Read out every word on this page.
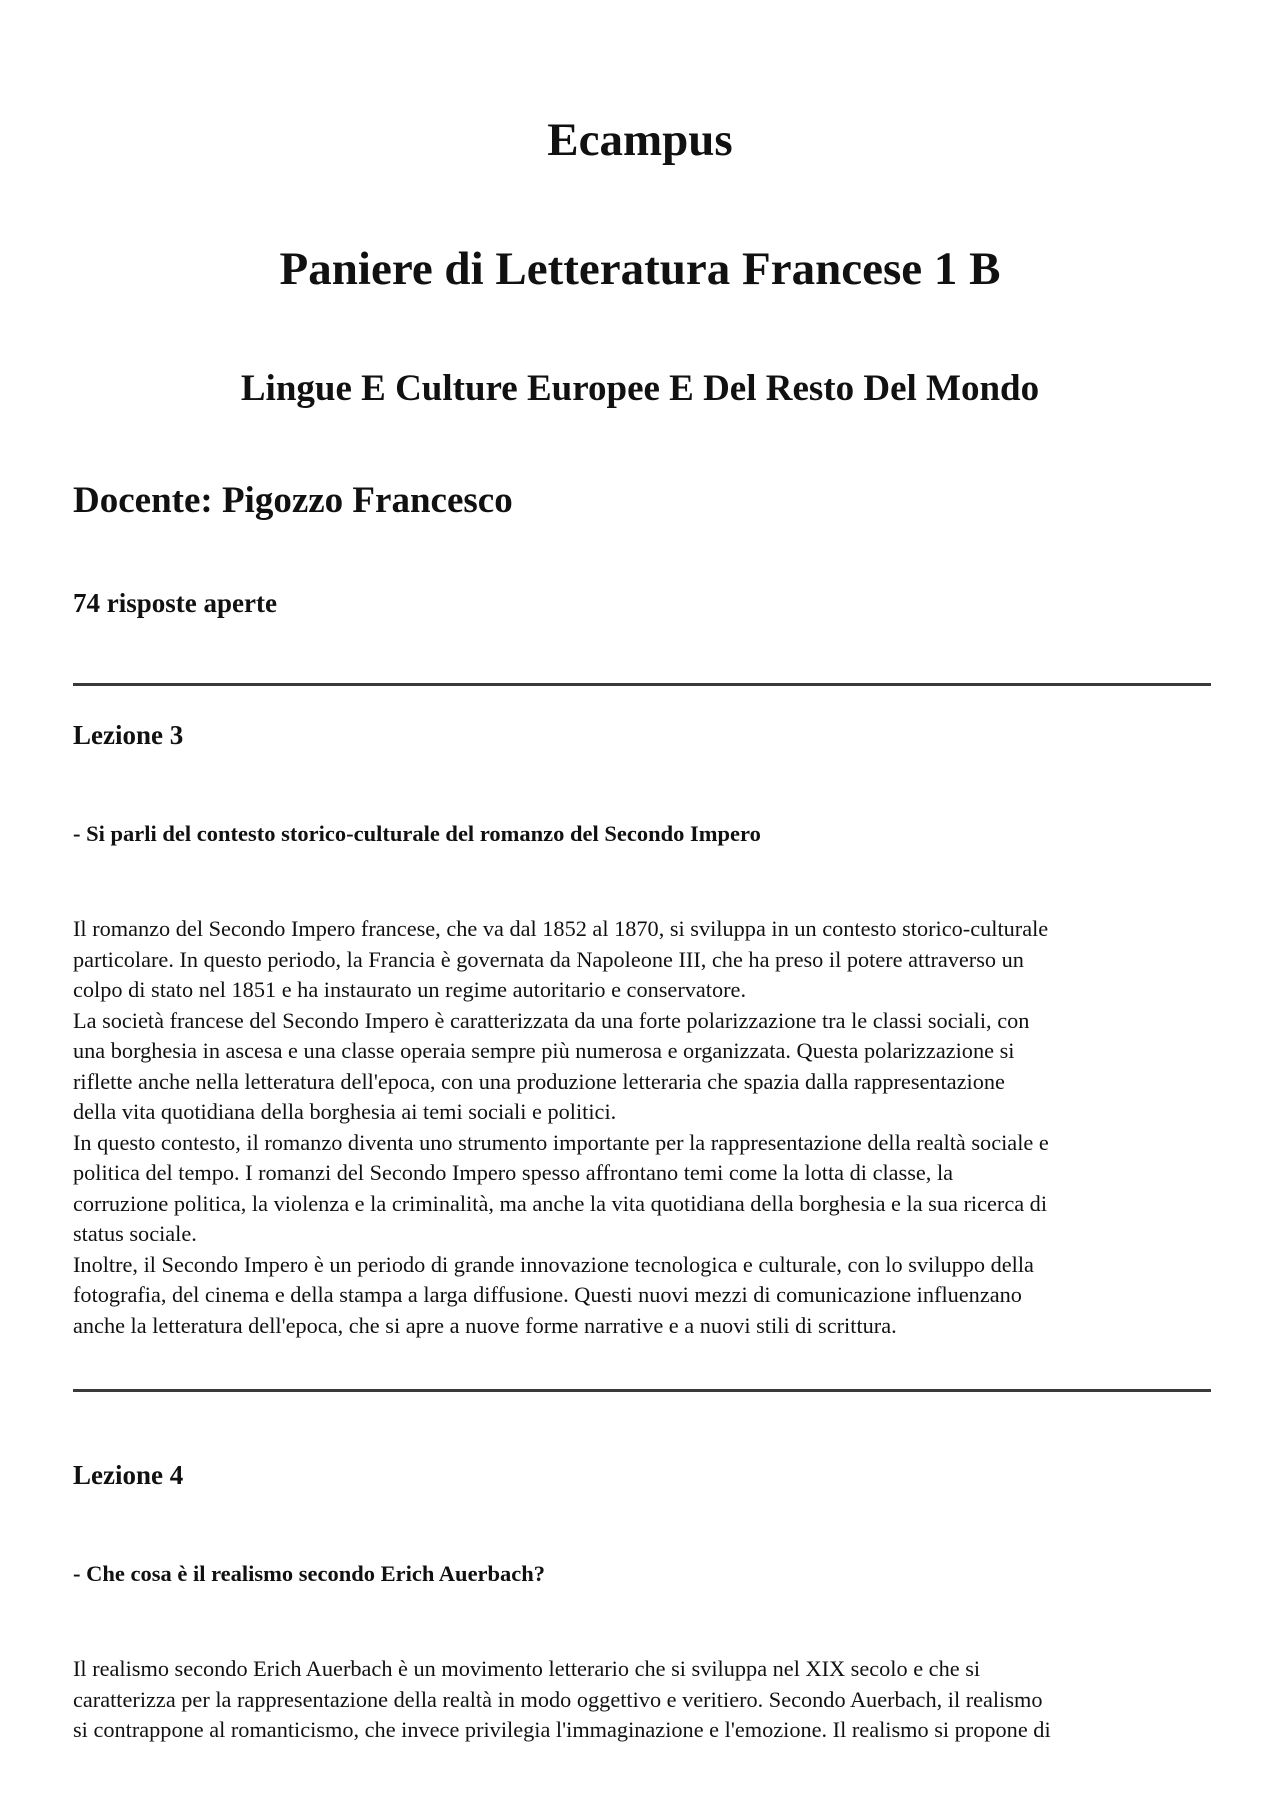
Ecampus
Paniere di Letteratura Francese 1 B
Lingue E Culture Europee E Del Resto Del Mondo
Docente: Pigozzo Francesco
74 risposte aperte
Lezione 3

- Si parli del contesto storico-culturale del romanzo del Secondo Impero

Il romanzo del Secondo Impero francese, che va dal 1852 al 1870, si sviluppa in un contesto storico-culturale
particolare. In questo periodo, la Francia è governata da Napoleone III, che ha preso il potere attraverso un
colpo di stato nel 1851 e ha instaurato un regime autoritario e conservatore.
La società francese del Secondo Impero è caratterizzata da una forte polarizzazione tra le classi sociali, con
una borghesia in ascesa e una classe operaia sempre più numerosa e organizzata. Questa polarizzazione si
riflette anche nella letteratura dell'epoca, con una produzione letteraria che spazia dalla rappresentazione
della vita quotidiana della borghesia ai temi sociali e politici.
In questo contesto, il romanzo diventa uno strumento importante per la rappresentazione della realtà sociale e
politica del tempo. I romanzi del Secondo Impero spesso affrontano temi come la lotta di classe, la
corruzione politica, la violenza e la criminalità, ma anche la vita quotidiana della borghesia e la sua ricerca di
status sociale.
Inoltre, il Secondo Impero è un periodo di grande innovazione tecnologica e culturale, con lo sviluppo della
fotografia, del cinema e della stampa a larga diffusione. Questi nuovi mezzi di comunicazione influenzano
anche la letteratura dell'epoca, che si apre a nuove forme narrative e a nuovi stili di scrittura.
Lezione 4

- Che cosa è il realismo secondo Erich Auerbach?

Il realismo secondo Erich Auerbach è un movimento letterario che si sviluppa nel XIX secolo e che si
caratterizza per la rappresentazione della realtà in modo oggettivo e veritiero. Secondo Auerbach, il realismo
si contrappone al romanticismo, che invece privilegia l'immaginazione e l'emozione. Il realismo si propone di
